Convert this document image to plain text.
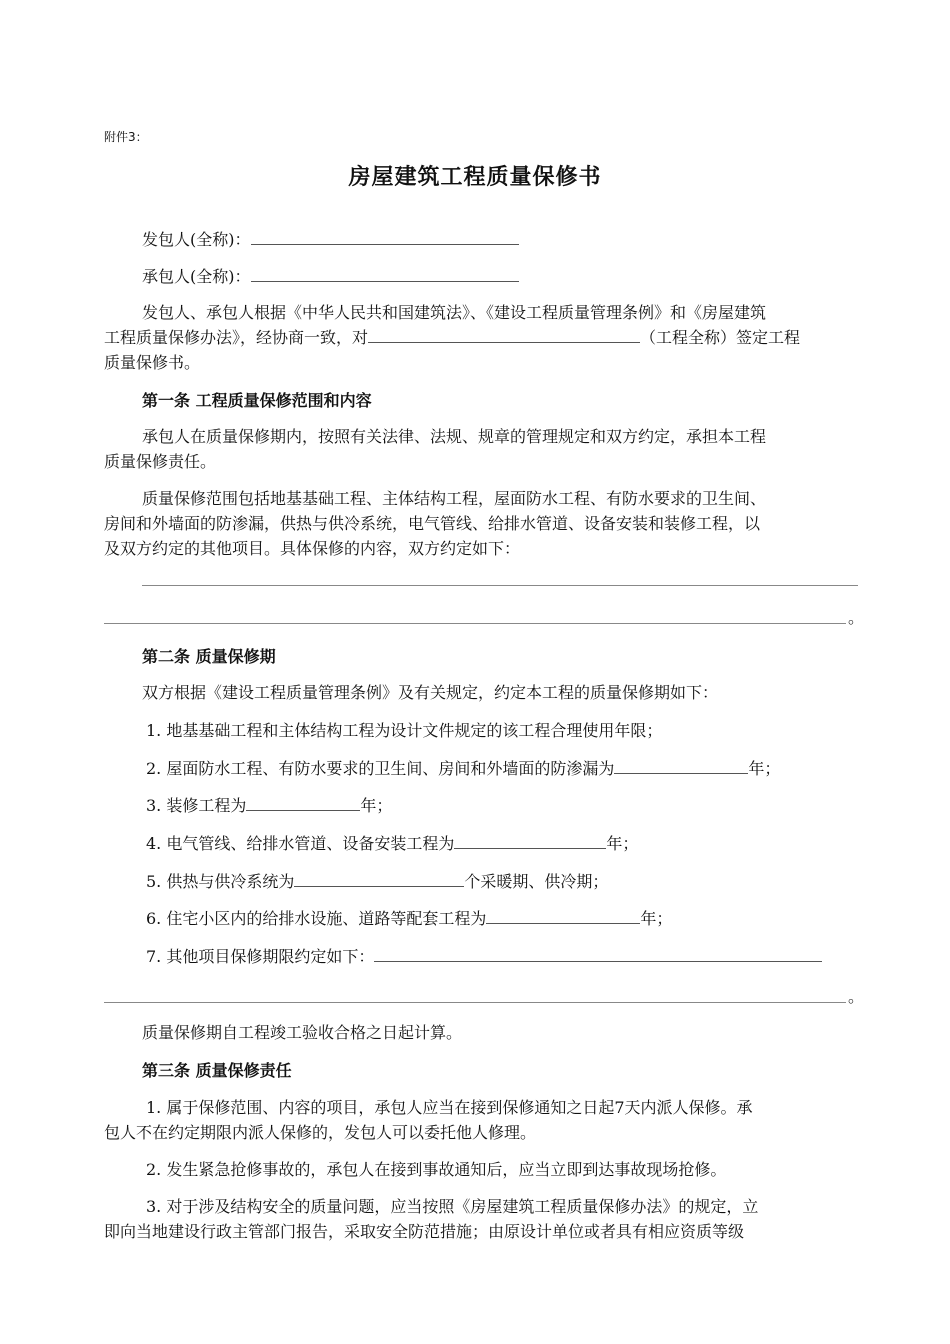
附件3：
房屋建筑工程质量保修书
发包人(全称)：
承包人(全称)：
发包人、承包人根据《中华人民共和国建筑法》、《建设工程质量管理条例》和《房屋建筑
工程质量保修办法》，经协商一致，对	（工程全称）签定工程
质量保修书。
第一条 工程质量保修范围和内容
承包人在质量保修期内，按照有关法律、法规、规章的管理规定和双方约定，承担本工程
质量保修责任。
质量保修范围包括地基基础工程、主体结构工程，屋面防水工程、有防水要求的卫生间、
房间和外墙面的防渗漏，供热与供冷系统，电气管线、给排水管道、设备安装和装修工程，以
及双方约定的其他项目。具体保修的内容，双方约定如下：
。
第二条 质量保修期
双方根据《建设工程质量管理条例》及有关规定，约定本工程的质量保修期如下：
1. 地基基础工程和主体结构工程为设计文件规定的该工程合理使用年限；
2. 屋面防水工程、有防水要求的卫生间、房间和外墙面的防渗漏为	年；
3. 装修工程为	年；
4. 电气管线、给排水管道、设备安装工程为	年；
5. 供热与供冷系统为	个采暖期、供冷期；
6. 住宅小区内的给排水设施、道路等配套工程为	年；
7. 其他项目保修期限约定如下：
。
质量保修期自工程竣工验收合格之日起计算。
第三条 质量保修责任
1. 属于保修范围、内容的项目，承包人应当在接到保修通知之日起7天内派人保修。承
包人不在约定期限内派人保修的，发包人可以委托他人修理。
2. 发生紧急抢修事故的，承包人在接到事故通知后，应当立即到达事故现场抢修。
3. 对于涉及结构安全的质量问题，应当按照《房屋建筑工程质量保修办法》的规定，立
即向当地建设行政主管部门报告，采取安全防范措施；由原设计单位或者具有相应资质等级
